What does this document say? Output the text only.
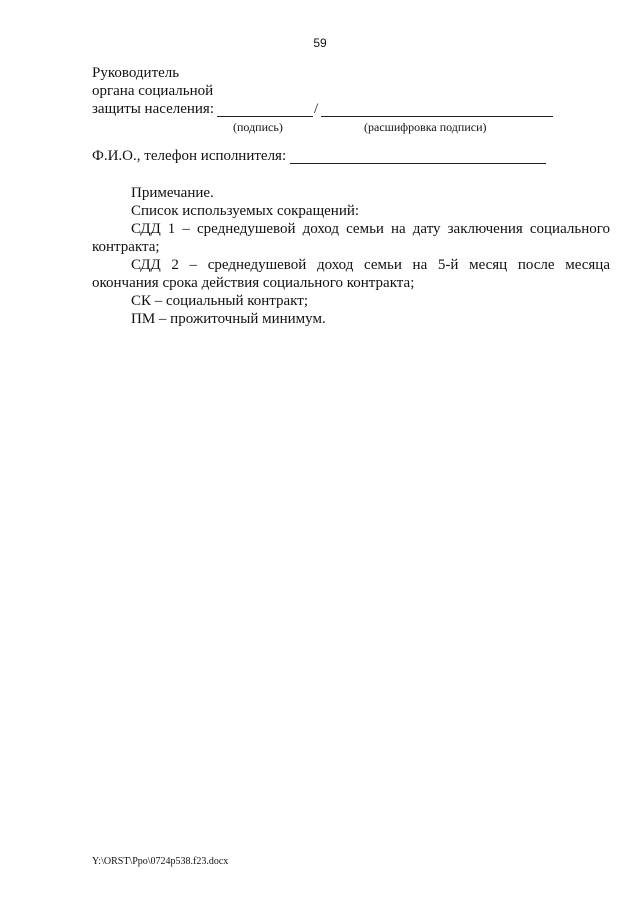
59
Руководитель
органа социальной
защиты населения:	/
(подпись)	(расшифровка подписи)
Ф.И.О., телефон исполнителя:
Примечание.
Список используемых сокращений:
СДД 1 – среднедушевой доход семьи на дату заключения социального
контракта;
СДД 2 – среднедушевой доход семьи на 5-й месяц после месяца
окончания срока действия социального контракта;
СК – социальный контракт;
ПМ – прожиточный минимум.
Y:\ORST\Ppo\0724p538.f23.docx
